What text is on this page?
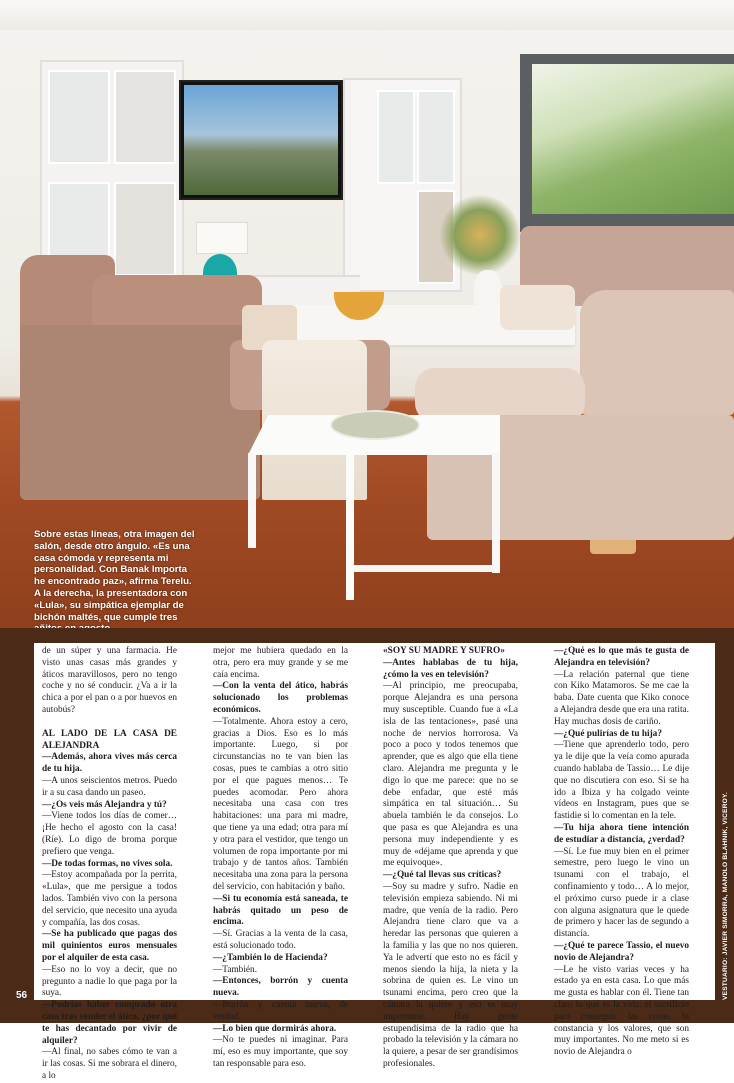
Sobre estas líneas, otra imagen del salón, desde otro ángulo. «Es una casa cómoda y representa mi personalidad. Con Banak Importa he encontrado paz», afirma Terelu. A la derecha, la presentadora con «Lula», su simpática ejemplar de bichón maltés, que cumple tres

de un súper y una farmacia. He visto unas casas más grandes y áticos maravillosos, pero no tengo coche y no sé conducir. ¿Va a ir la chica a por el pan o a por huevos en autobús?

AL LADO DE LA CASA DE ALEJANDRA

—Además, ahora vives más cerca de tu hija.

—A unos seiscientos metros. Puedo ir a su casa dando un paseo.

—¿Os veis más Alejandra y tú?

—Viene todos los días de comer… ¡He hecho el agosto con la casa! (Ríe). Lo digo de broma porque prefiero que venga.

—De todas formas, no vives sola.

—Estoy acompañada por la perrita, «Lula», que me persigue a todos lados. También vivo con la persona del servicio, que necesito una ayuda y compañía, las dos cosas.

—Se ha publicado que pagas dos mil quinientos euros mensuales por el alquiler de esta casa.

—Eso no lo voy a decir, que no pregunto a nadie lo que paga por la suya.

—Podrías haber comprado otra casa tras vender el ático, ¿por qué te has decantado por vivir de alquiler?

—Al final, no sabes cómo te van a ir las cosas. Si me sobrara el dinero, a lo

mejor me hubiera quedado en la otra, pero era muy grande y se me caía encima.

—Con la venta del ático, habrás solucionado los problemas económicos.

—Totalmente. Ahora estoy a cero, gracias a Dios. Eso es lo más importante. Luego, si por circunstancias no te van bien las cosas, pues te cambias a otro sitio por el que pagues menos… Te puedes acomodar. Pero ahora necesitaba una casa con tres habitaciones: una para mi madre, que tiene ya una edad; otra para mí y otra para el vestidor, que tengo un volumen de ropa importante por mi trabajo y de tantos años. También necesitaba una zona para la persona del servicio, con habitación y baño.

—Si tu economía está saneada, te habrás quitado un peso de encima.

—Sí. Gracias a la venta de la casa, está solucionado todo.

—¿También lo de Hacienda?

—También.

—Entonces, borrón y cuenta nueva.

—Borrón y cuenta nueva, de verdad.

—Lo bien que dormirás ahora.

—No te puedes ni imaginar. Para mí, eso es muy importante, que soy tan responsable para eso.

«SOY SU MADRE Y SUFRO»

—Antes hablabas de tu hija, ¿cómo la ves en televisión?

—Al principio, me preocupaba, porque Alejandra es una persona muy susceptible. Cuando fue a «La isla de las tentaciones», pasé una noche de nervios horrorosa. Va poco a poco y todos tenemos que aprender, que es algo que ella tiene claro. Alejandra me pregunta y le digo lo que me parece: que no se debe enfadar, que esté más simpática en tal situación… Su abuela también le da consejos. Lo que pasa es que Alejandra es una persona muy independiente y es muy de «déjame que aprenda y que me equivoque».

—¿Qué tal llevas sus críticas?

—Soy su madre y sufro. Nadie en televisión empieza sabiendo. Ni mi madre, que venía de la radio. Pero Alejandra tiene claro que va a heredar las personas que quieren a la familia y las que no nos quieren. Ya le advertí que esto no es fácil y menos siendo la hija, la nieta y la sobrina de quien es. Le vino un tsunami encima, pero creo que la cámara la quiere y eso es muy importante. Hay gente estupendísima de la radio que ha probado la televisión y la cámara no la quiere, a pesar de ser grandísimos profesionales.

—¿Qué es lo que más te gusta de Alejandra en televisión?

—La relación paternal que tiene con Kiko Matamoros. Se me cae la baba. Date cuenta que Kiko conoce a Alejandra desde que era una ratita. Hay muchas dosis de cariño.

—¿Qué pulirías de tu hija?

—Tiene que aprenderlo todo, pero ya le dije que la veía como apurada cuando hablaba de Tassio… Le dije que no discutiera con eso. Si se ha ido a Ibiza y ha colgado veinte vídeos en Instagram, pues que se fastidie si lo comentan en la tele.

—Tu hija ahora tiene intención de estudiar a distancia, ¿verdad?

—Sí. Le fue muy bien en el primer semestre, pero luego le vino un tsunami con el trabajo, el confinamiento y todo… A lo mejor, el próximo curso puede ir a clase con alguna asignatura que le quede de primero y hacer las de segundo a distancia.

—¿Qué te parece Tassio, el nuevo novio de Alejandra?

—Le he visto varias veces y ha estado ya en esta casa. Lo que más me gusta es hablar con él. Tiene tan claro lo que es la vida: el sacrificio para conseguir las cosas, la constancia y los valores, que son muy importantes. No me meto si es novio de Alejandra o

56	VESTUARIO: JAVIER SIMORRA, MANOLO BLAHNIK, VICEROY.
